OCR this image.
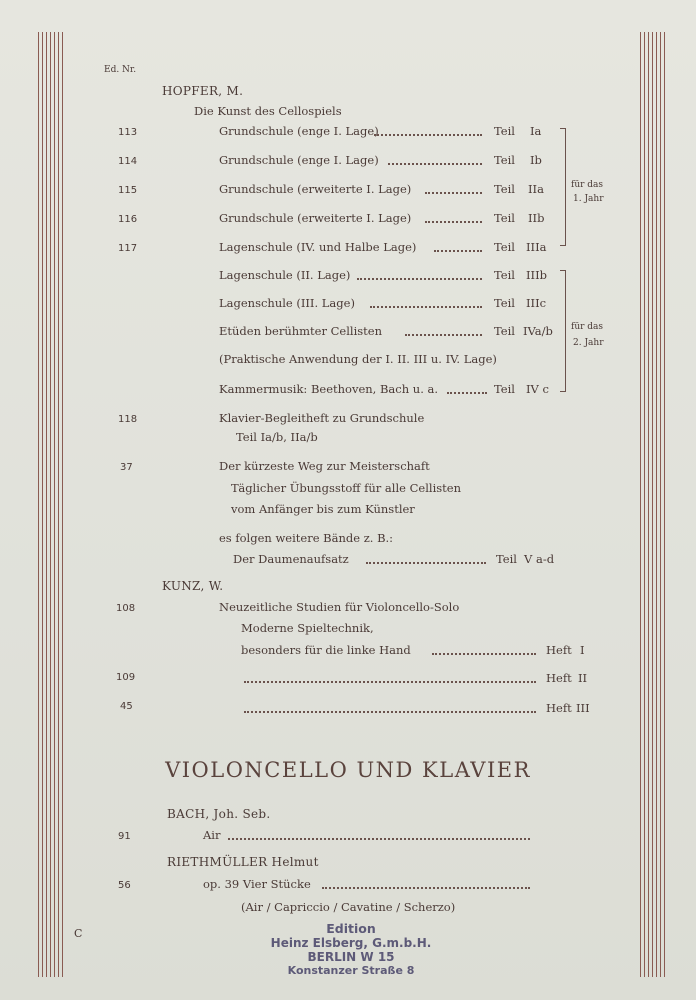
Ed. Nr.
HOPFER, M.
Die Kunst des Cellospiels
113	Grundschule (enge I. Lage)	Teil Ia
114	Grundschule (enge I. Lage)	Teil Ib
115	Grundschule (erweiterte I. Lage)	Teil IIa
116	Grundschule (erweiterte I. Lage)	Teil IIb
117	Lagenschule (IV. und Halbe Lage)	Teil IIIa
Lagenschule (II. Lage)	Teil IIIb
Lagenschule (III. Lage)	Teil IIIc
Etüden berühmter Cellisten	Teil IVa/b
(Praktische Anwendung der I. II. III u. IV. Lage)
Kammermusik: Beethoven, Bach u. a.	Teil IV c
für das
1. Jahr
für das
2. Jahr
118	Klavier-Begleitheft zu Grundschule
Teil Ia/b, IIa/b
37	Der kürzeste Weg zur Meisterschaft
Täglicher Übungsstoff für alle Cellisten
vom Anfänger bis zum Künstler
es folgen weitere Bände z. B.:
Der Daumenaufsatz	Teil V a-d
KUNZ, W.
108	Neuzeitliche Studien für Violoncello-Solo
Moderne Spieltechnik,
besonders für die linke Hand	Heft I
109	Heft II
45	Heft III
VIOLONCELLO UND KLAVIER
BACH, Joh. Seb.
91	Air
RIETHMÜLLER Helmut
56	op. 39 Vier Stücke
(Air / Capriccio / Cavatine / Scherzo)
C	Edition
Heinz Elsberg, G.m.b.H.
BERLIN W 15
Konstanzer Straße 8
